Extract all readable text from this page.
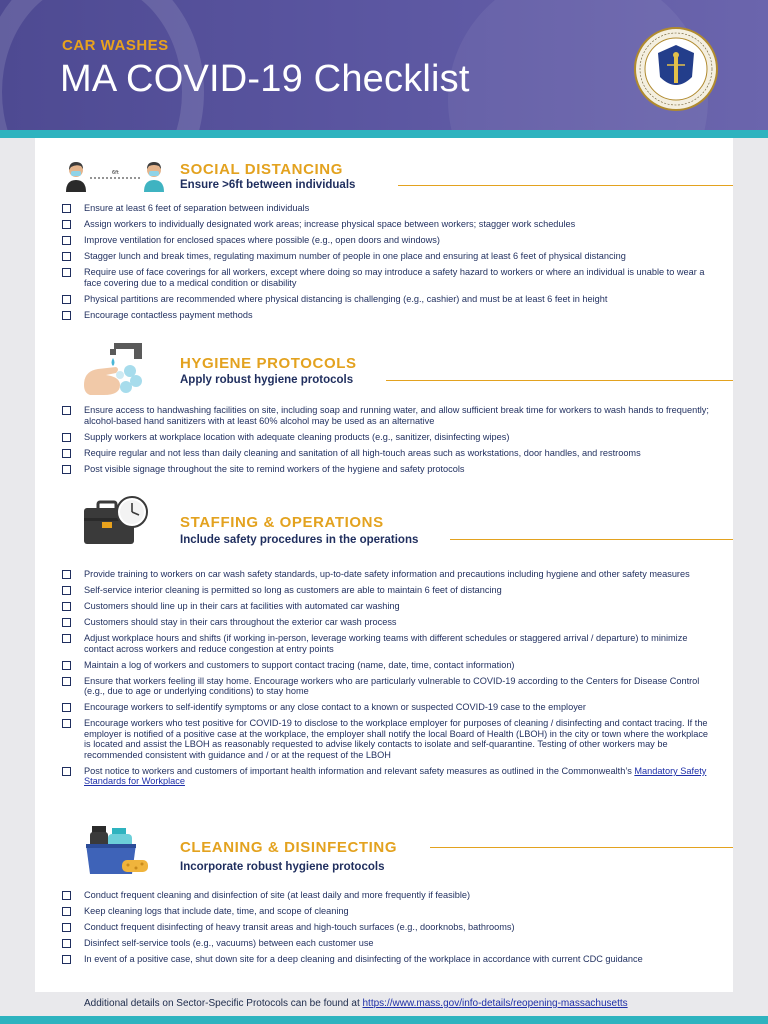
CAR WASHES
MA COVID-19 Checklist
6ft	SOCIAL DISTANCING
Ensure >6ft between individuals
Ensure at least 6 feet of separation between individuals
Assign workers to individually designated work areas; increase physical space between workers; stagger work schedules
Improve ventilation for enclosed spaces where possible (e.g., open doors and windows)
Stagger lunch and break times, regulating maximum number of people in one place and ensuring at least 6 feet of physical distancing
Require use of face coverings for all workers, except where doing so may introduce a safety hazard to workers or where an individual is unable to wear a face covering due to a medical condition or disability
Physical partitions are recommended where physical distancing is challenging (e.g., cashier) and must be at least 6 feet in height
Encourage contactless payment methods
HYGIENE PROTOCOLS
Apply robust hygiene protocols
Ensure access to handwashing facilities on site, including soap and running water, and allow sufficient break time for workers to wash hands to frequently; alcohol-based hand sanitizers with at least 60% alcohol may be used as an alternative
Supply workers at workplace location with adequate cleaning products (e.g., sanitizer, disinfecting wipes)
Require regular and not less than daily cleaning and sanitation of all high-touch areas such as workstations, door handles, and restrooms
Post visible signage throughout the site to remind workers of the hygiene and safety protocols
STAFFING & OPERATIONS
Include safety procedures in the operations
Provide training to workers on car wash safety standards, up-to-date safety information and precautions including hygiene and other safety measures
Self-service interior cleaning is permitted so long as customers are able to maintain 6 feet of distancing
Customers should line up in their cars at facilities with automated car washing
Customers should stay in their cars throughout the exterior car wash process
Adjust workplace hours and shifts (if working in-person, leverage working teams with different schedules or staggered arrival / departure) to minimize contact across workers and reduce congestion at entry points
Maintain a log of workers and customers to support contact tracing (name, date, time, contact information)
Ensure that workers feeling ill stay home. Encourage workers who are particularly vulnerable to COVID-19 according to the Centers for Disease Control (e.g., due to age or underlying conditions) to stay home
Encourage workers to self-identify symptoms or any close contact to a known or suspected COVID-19 case to the employer
Encourage workers who test positive for COVID-19 to disclose to the workplace employer for purposes of cleaning / disinfecting and contact tracing. If the employer is notified of a positive case at the workplace, the employer shall notify the local Board of Health (LBOH) in the city or town where the workplace is located and assist the LBOH as reasonably requested to advise likely contacts to isolate and self-quarantine. Testing of other workers may be recommended consistent with guidance and / or at the request of the LBOH
Post notice to workers and customers of important health information and relevant safety measures as outlined in the Commonwealth’s Mandatory Safety Standards for Workplace
CLEANING & DISINFECTING
Incorporate robust hygiene protocols
Conduct frequent cleaning and disinfection of site (at least daily and more frequently if feasible)
Keep cleaning logs that include date, time, and scope of cleaning
Conduct frequent disinfecting of heavy transit areas and high-touch surfaces (e.g., doorknobs, bathrooms)
Disinfect self-service tools (e.g., vacuums) between each customer use
In event of a positive case, shut down site for a deep cleaning and disinfecting of the workplace in accordance with current CDC guidance
Additional details on Sector-Specific Protocols can be found at https://www.mass.gov/info-details/reopening-massachusetts
